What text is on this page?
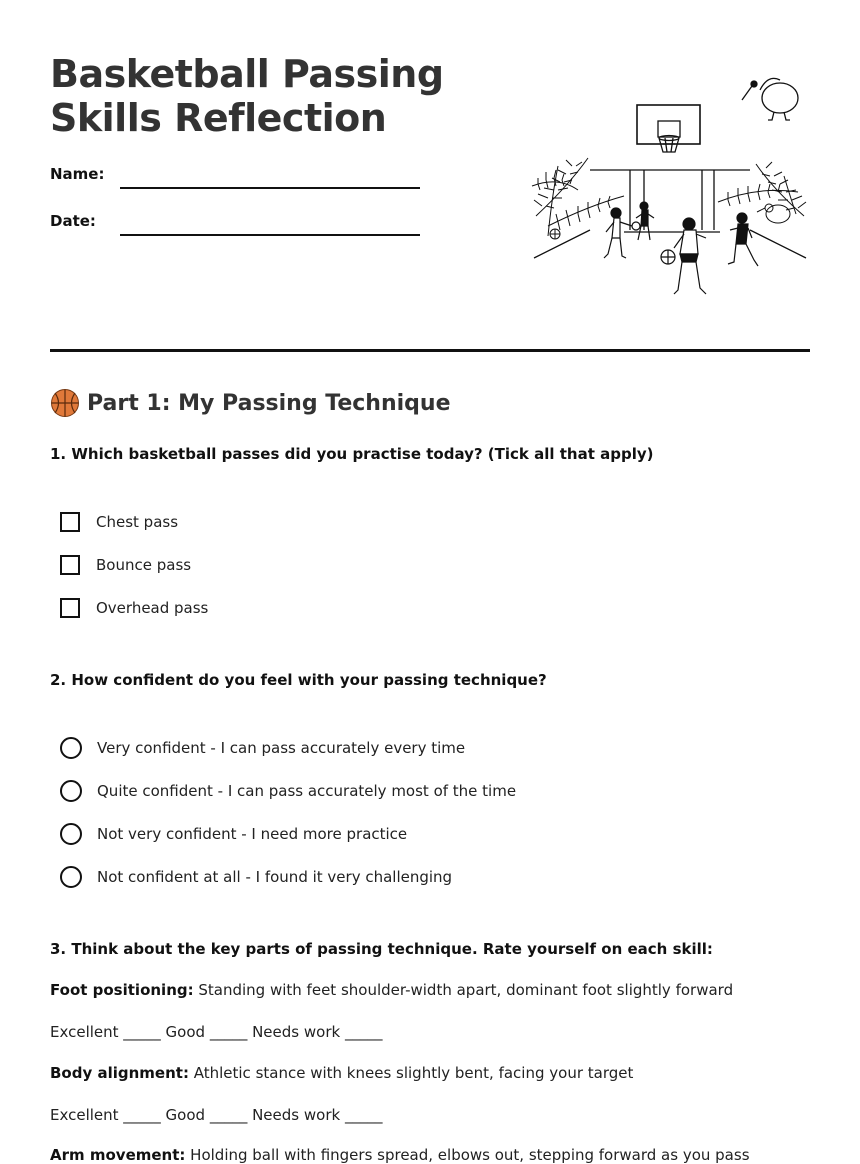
Basketball Passing Skills Reflection
Name:
Date:
Part 1: My Passing Technique
1. Which basketball passes did you practise today? (Tick all that apply)
Chest pass
Bounce pass
Overhead pass
2. How confident do you feel with your passing technique?
Very confident - I can pass accurately every time
Quite confident - I can pass accurately most of the time
Not very confident - I need more practice
Not confident at all - I found it very challenging
3. Think about the key parts of passing technique. Rate yourself on each skill:
Foot positioning: Standing with feet shoulder-width apart, dominant foot slightly forward
Excellent _____ Good _____ Needs work _____
Body alignment: Athletic stance with knees slightly bent, facing your target
Excellent _____ Good _____ Needs work _____
Arm movement: Holding ball with fingers spread, elbows out, stepping forward as you pass
